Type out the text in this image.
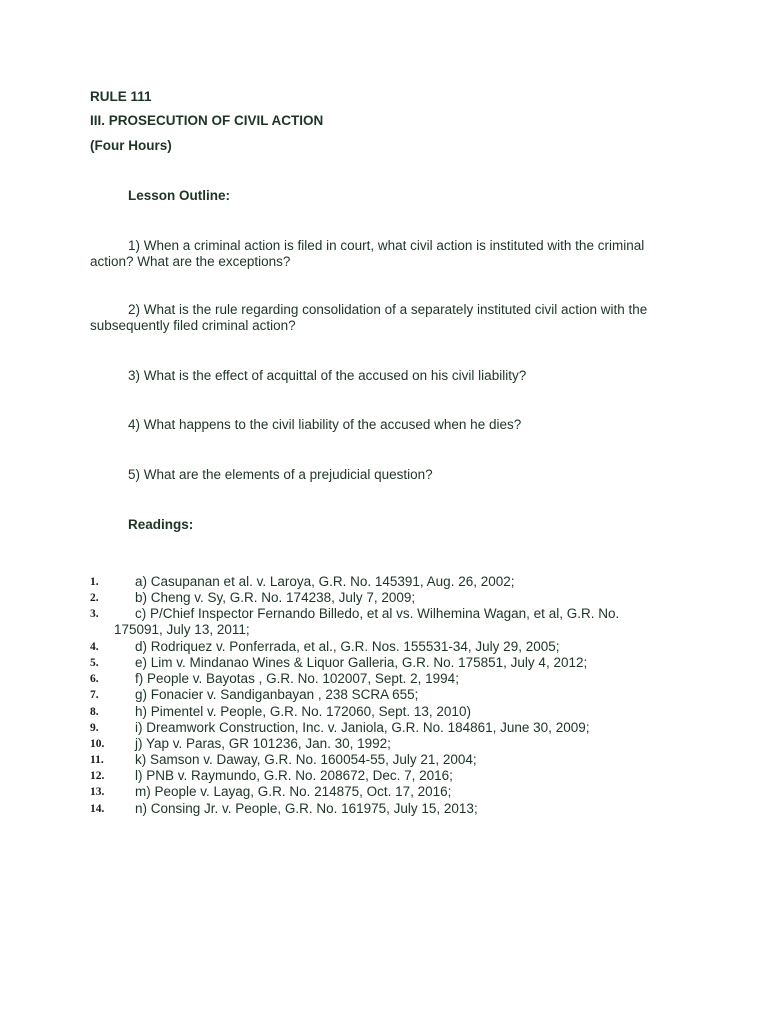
RULE 111
III. PROSECUTION OF CIVIL ACTION
(Four Hours)
Lesson Outline:
1) When a criminal action is filed in court, what civil action is instituted with the criminal action? What are the exceptions?
2) What is the rule regarding consolidation of a separately instituted civil action with the subsequently filed criminal action?
3) What is the effect of acquittal of the accused on his civil liability?
4) What happens to the civil liability of the accused when he dies?
5) What are the elements of a prejudicial question?
Readings:
1.	a) Casupanan et al. v. Laroya, G.R. No. 145391, Aug. 26, 2002;
2.	b) Cheng v. Sy, G.R. No. 174238, July 7, 2009;
3.	c) P/Chief Inspector Fernando Billedo, et al vs. Wilhemina Wagan, et al, G.R. No.
175091, July 13, 2011;
4.	d) Rodriquez v. Ponferrada, et al., G.R. Nos. 155531-34, July 29, 2005;
5.	e) Lim v. Mindanao Wines & Liquor Galleria, G.R. No. 175851, July 4, 2012;
6.	f) People v. Bayotas , G.R. No. 102007, Sept. 2, 1994;
7.	g) Fonacier v. Sandiganbayan , 238 SCRA 655;
8.	h) Pimentel v. People, G.R. No. 172060, Sept. 13, 2010)
9.	i) Dreamwork Construction, Inc. v. Janiola, G.R. No. 184861, June 30, 2009;
10.	j) Yap v. Paras, GR 101236, Jan. 30, 1992;
11.	k) Samson v. Daway, G.R. No. 160054-55, July 21, 2004;
12.	l) PNB v. Raymundo, G.R. No. 208672, Dec. 7, 2016;
13.	m) People v. Layag, G.R. No. 214875, Oct. 17, 2016;
14.	n) Consing Jr. v. People, G.R. No. 161975, July 15, 2013;
